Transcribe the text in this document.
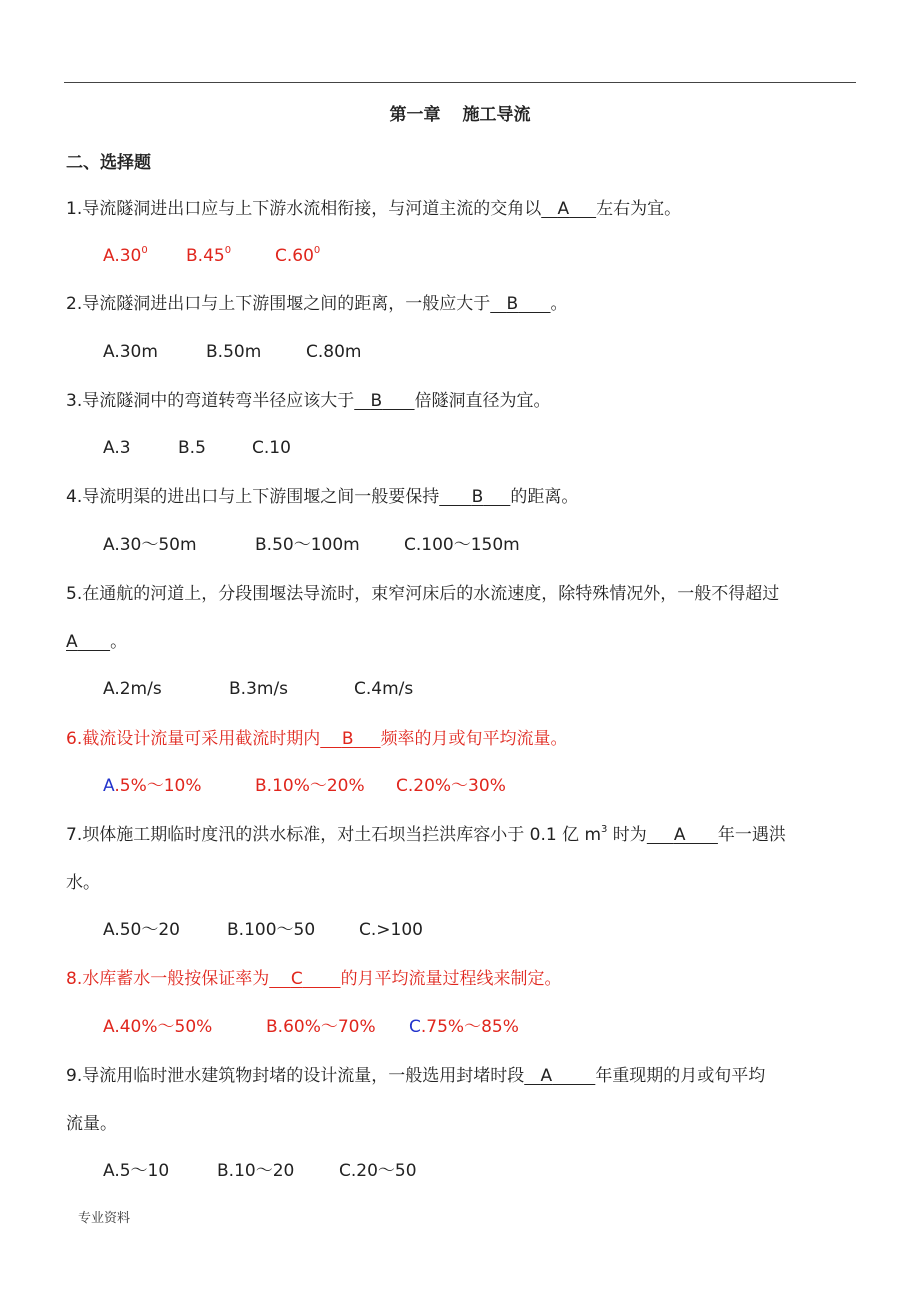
第一章 施工导流
二、选择题
1.导流隧洞进出口应与上下游水流相衔接，与河道主流的交角以 A 左右为宜。
$A.30^0$ $B.45^0$	$C.60^0$
2.导流隧洞进出口与上下游围堰之间的距离，一般应大于 B 。
A.30m	B.50m	C.80m
3.导流隧洞中的弯道转弯半径应该大于 B 倍隧洞直径为宜。
A.3	B.5	C.10
4.导流明渠的进出口与上下游围堰之间一般要保持 B 的距离。
A.30～50m	B.50～100m	C.100～150m
5.在通航的河道上，分段围堰法导流时，束窄河床后的水流速度，除特殊情况外，一般不得超过
A 。
A.2m/s	B.3m/s	C.4m/s
6.截流设计流量可采用截流时期内 B 频率的月或旬平均流量。
A.5%～10%	B.10%～20% C.20%～30%
7.坝体施工期临时度汛的洪水标准，对土石坝当拦洪库容小于 0.1 亿 $m^3$ 时为 A 年一遇洪
水。
A.50～20	B.100～50	C.>100
8.水库蓄水一般按保证率为 C 的月平均流量过程线来制定。
A.40%～50%	B.60%～70% C.75%～85%
9.导流用临时泄水建筑物封堵的设计流量，一般选用封堵时段 A	年重现期的月或旬平均
流量。
A.5～10	B.10～20	C.20～50
专业资料
